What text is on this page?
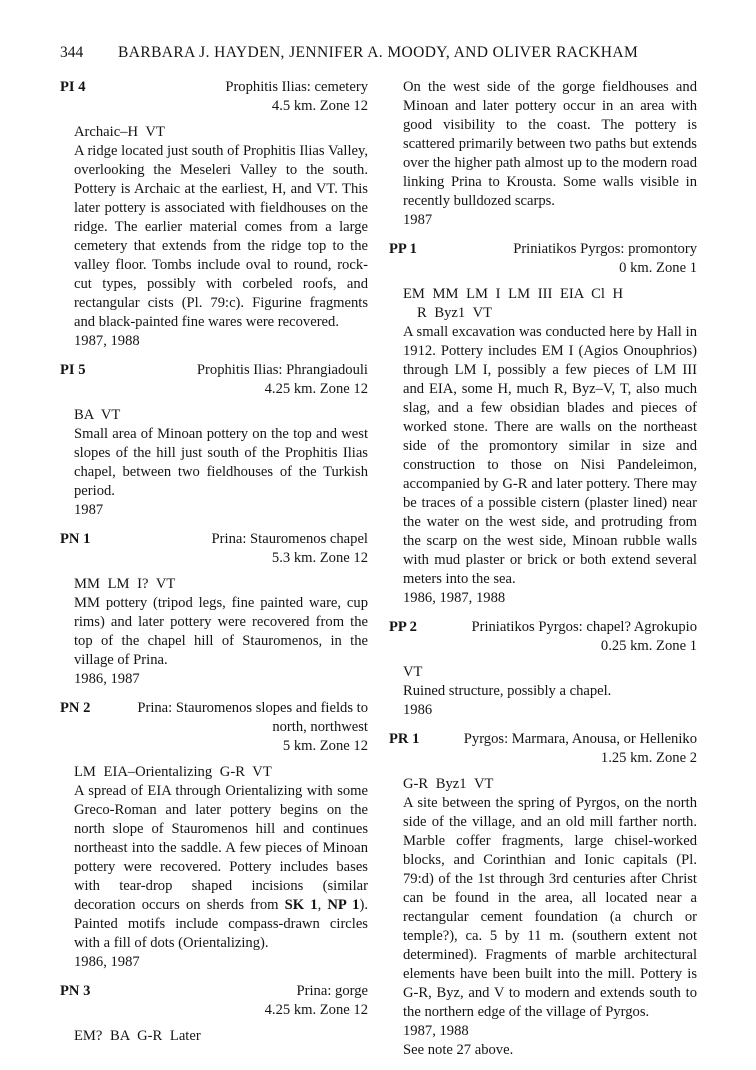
344 BARBARA J. HAYDEN, JENNIFER A. MOODY, AND OLIVER RACKHAM
PI 4	Prophitis Ilias: cemetery
4.5 km. Zone 12
Archaic–H VT
A ridge located just south of Prophitis Ilias Valley, overlooking the Meseleri Valley to the south. Pottery is Archaic at the earliest, H, and VT. This later pottery is associated with fieldhouses on the ridge. The earlier material comes from a large cemetery that extends from the ridge top to the valley floor. Tombs include oval to round, rock-cut types, possibly with corbeled roofs, and rectangular cists (Pl. 79:c). Figurine fragments and black-painted fine wares were recovered.
1987, 1988
PI 5	Prophitis Ilias: Phrangiadouli
4.25 km. Zone 12
BA VT
Small area of Minoan pottery on the top and west slopes of the hill just south of the Prophitis Ilias chapel, between two fieldhouses of the Turkish period.
1987
PN 1	Prina: Stauromenos chapel
5.3 km. Zone 12
MM LM I? VT
MM pottery (tripod legs, fine painted ware, cup rims) and later pottery were recovered from the top of the chapel hill of Stauromenos, in the village of Prina.
1986, 1987
PN 2	Prina: Stauromenos slopes and fields to north, northwest
5 km. Zone 12
LM EIA–Orientalizing G-R VT
A spread of EIA through Orientalizing with some Greco-Roman and later pottery begins on the north slope of Stauromenos hill and continues northeast into the saddle. A few pieces of Minoan pottery were recovered. Pottery includes bases with tear-drop shaped incisions (similar decoration occurs on sherds from SK 1, NP 1). Painted motifs include compass-drawn circles with a fill of dots (Orientalizing).
1986, 1987
PN 3	Prina: gorge
4.25 km. Zone 12
EM? BA G-R Later
On the west side of the gorge fieldhouses and Minoan and later pottery occur in an area with good visibility to the coast. The pottery is scattered primarily between two paths but extends over the higher path almost up to the modern road linking Prina to Krousta. Some walls visible in recently bulldozed scarps.
1987
PP 1	Priniatikos Pyrgos: promontory
0 km. Zone 1
EM MM LM I LM III EIA Cl H
R Byz1 VT
A small excavation was conducted here by Hall in 1912. Pottery includes EM I (Agios Onouphrios) through LM I, possibly a few pieces of LM III and EIA, some H, much R, Byz–V, T, also much slag, and a few obsidian blades and pieces of worked stone. There are walls on the northeast side of the promontory similar in size and construction to those on Nisi Pandeleimon, accompanied by G-R and later pottery. There may be traces of a possible cistern (plaster lined) near the water on the west side, and protruding from the scarp on the west side, Minoan rubble walls with mud plaster or brick or both extend several meters into the sea.
1986, 1987, 1988
PP 2	Priniatikos Pyrgos: chapel? Agrokupio
0.25 km. Zone 1
VT
Ruined structure, possibly a chapel.
1986
PR 1	Pyrgos: Marmara, Anousa, or Helleniko
1.25 km. Zone 2
G-R Byz1 VT
A site between the spring of Pyrgos, on the north side of the village, and an old mill farther north. Marble coffer fragments, large chisel-worked blocks, and Corinthian and Ionic capitals (Pl. 79:d) of the 1st through 3rd centuries after Christ can be found in the area, all located near a rectangular cement foundation (a church or temple?), ca. 5 by 11 m. (southern extent not determined). Fragments of marble architectural elements have been built into the mill. Pottery is G-R, Byz, and V to modern and extends south to the northern edge of the village of Pyrgos.
1987, 1988
See note 27 above.
